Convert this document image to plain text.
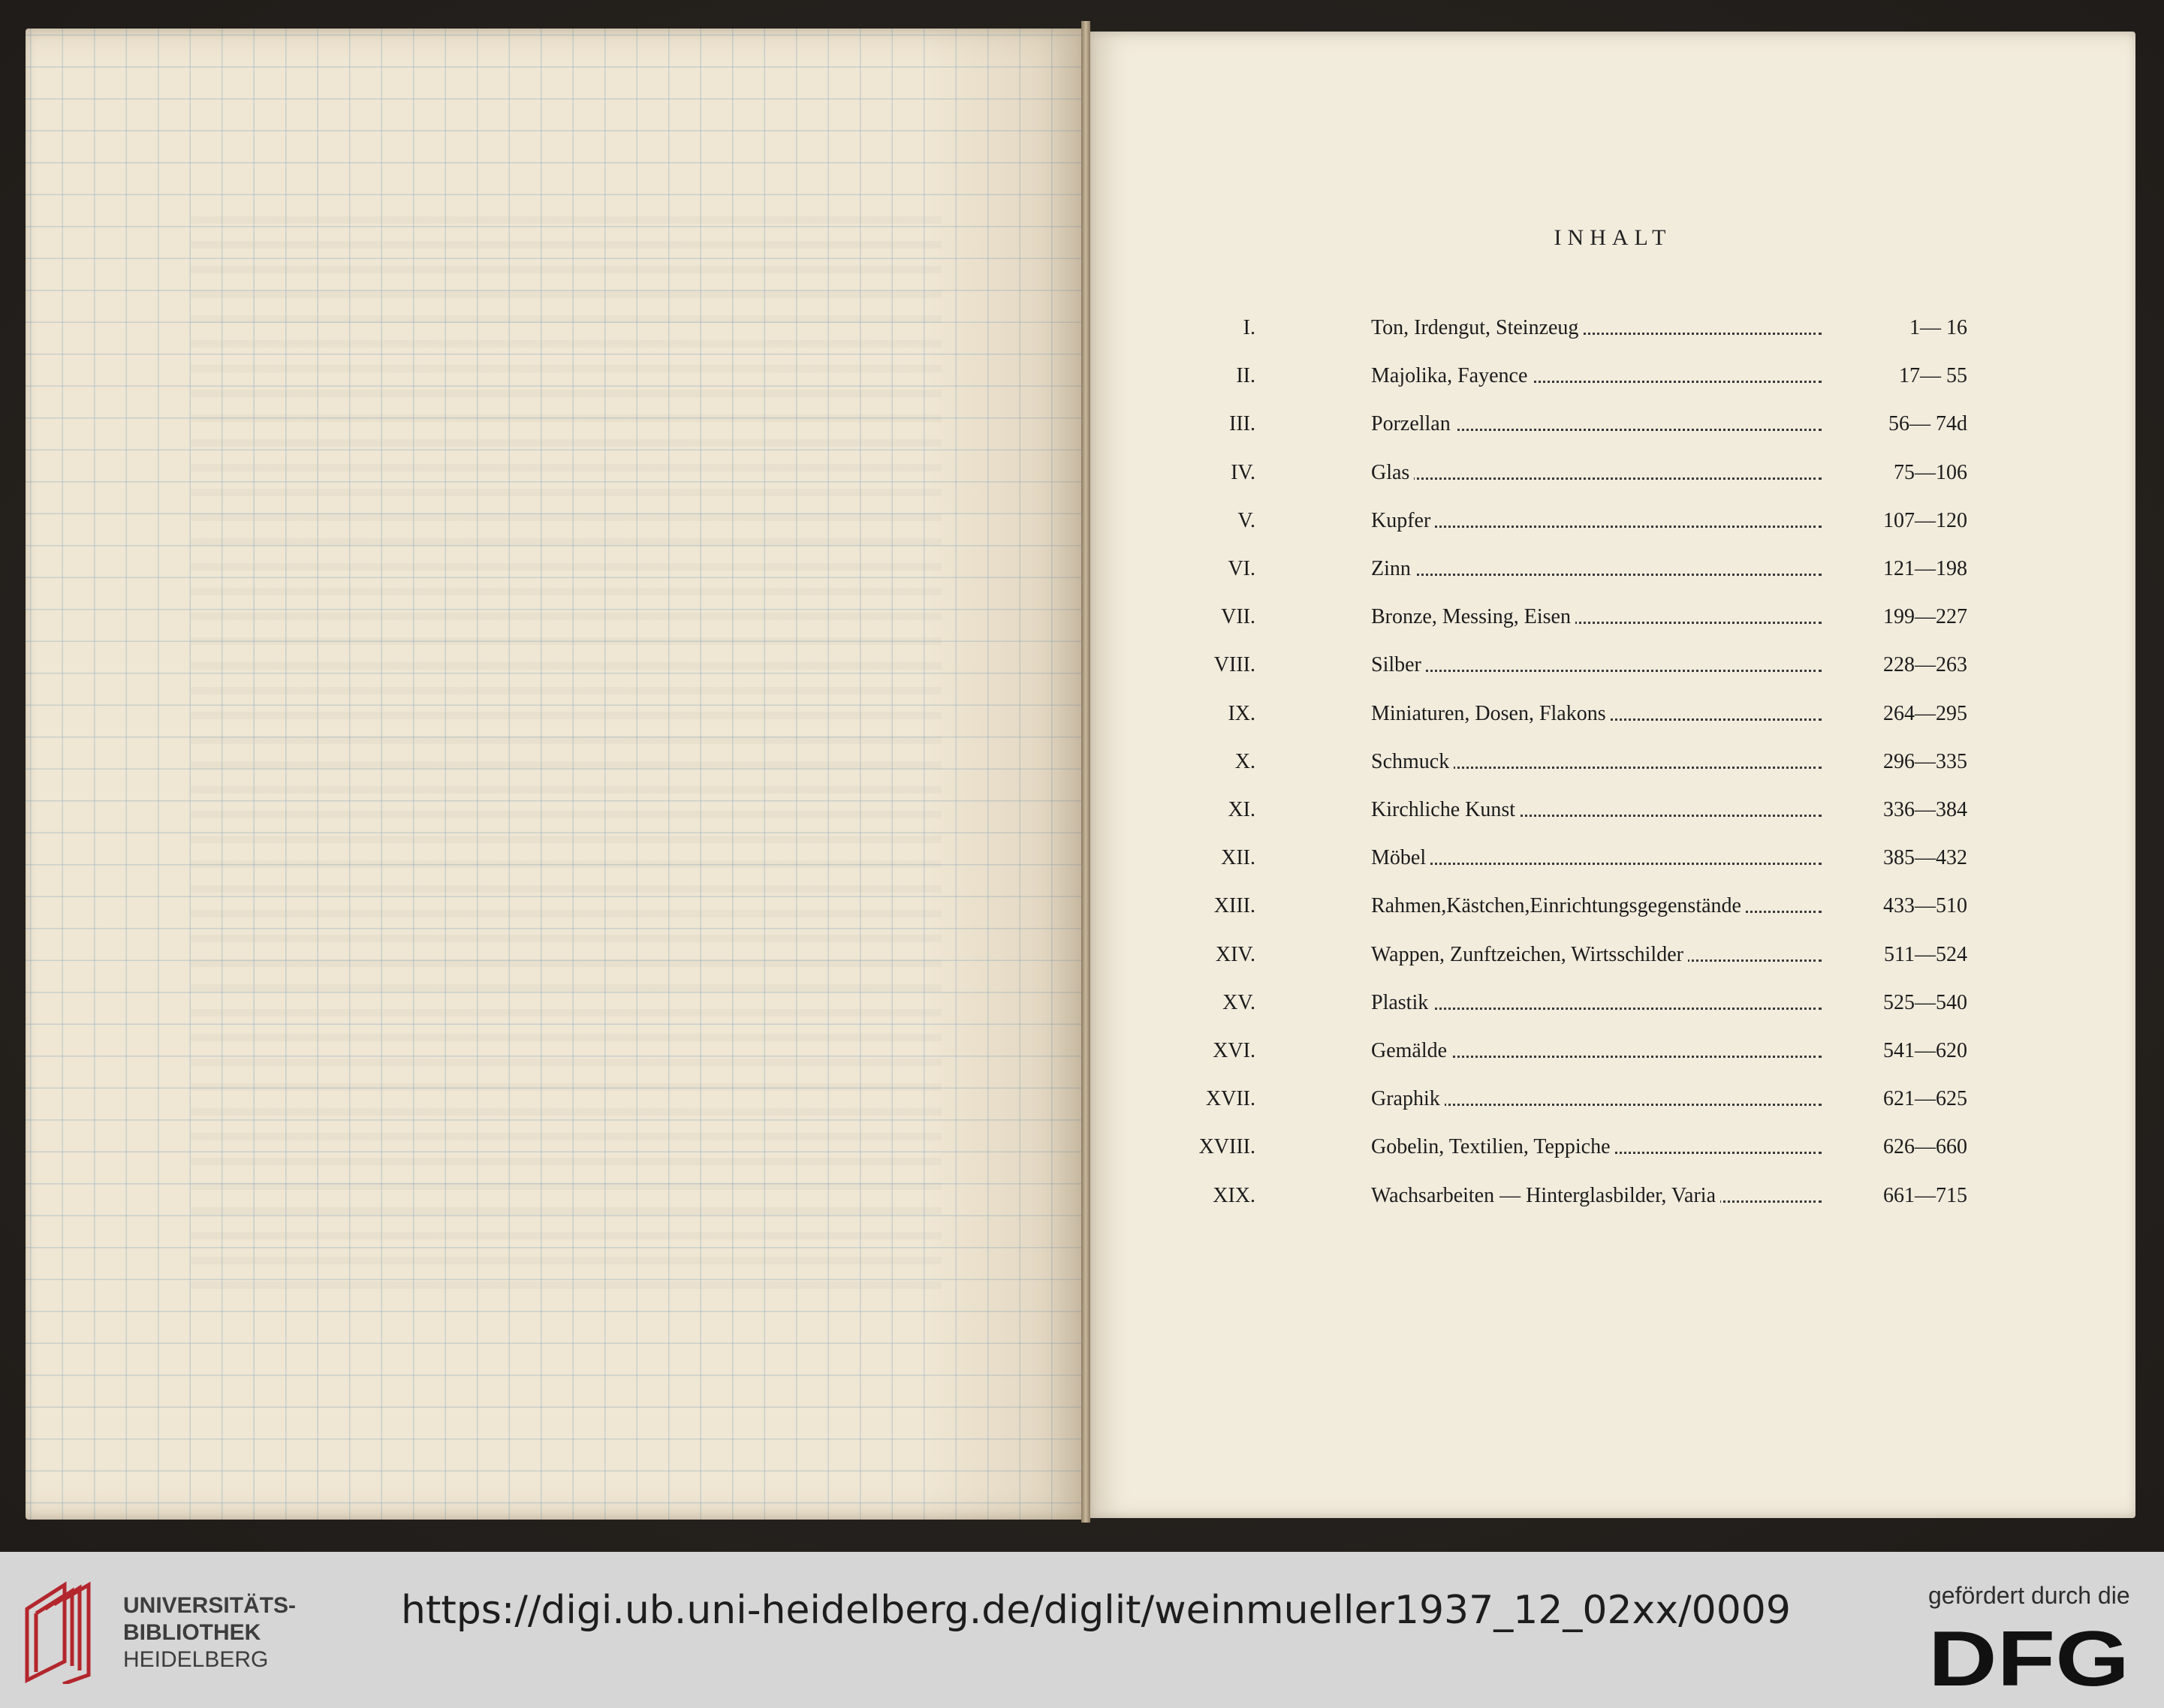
INHALT
I.	Ton, Irdengut, Steinzeug	1— 16
II.	Majolika, Fayence	17— 55
III.	Porzellan	56— 74d
IV.	Glas	75—106
V.	Kupfer	107—120
VI.	Zinn	121—198
VII.	Bronze, Messing, Eisen	199—227
VIII.	Silber	228—263
IX.	Miniaturen, Dosen, Flakons	264—295
X.	Schmuck	296—335
XI.	Kirchliche Kunst	336—384
XII.	Möbel	385—432
XIII.	Rahmen,Kästchen,Einrichtungsgegenstände	433—510
XIV.	Wappen, Zunftzeichen, Wirtsschilder	511—524
XV.	Plastik	525—540
XVI.	Gemälde	541—620
XVII.	Graphik	621—625
XVIII.	Gobelin, Textilien, Teppiche	626—660
XIX.	Wachsarbeiten — Hinterglasbilder, Varia	661—715
UNIVERSITÄTS-
BIBLIOTHEK
HEIDELBERG
https://digi.ub.uni-heidelberg.de/diglit/weinmueller1937_12_02xx/0009	gefördert durch die
DFG
